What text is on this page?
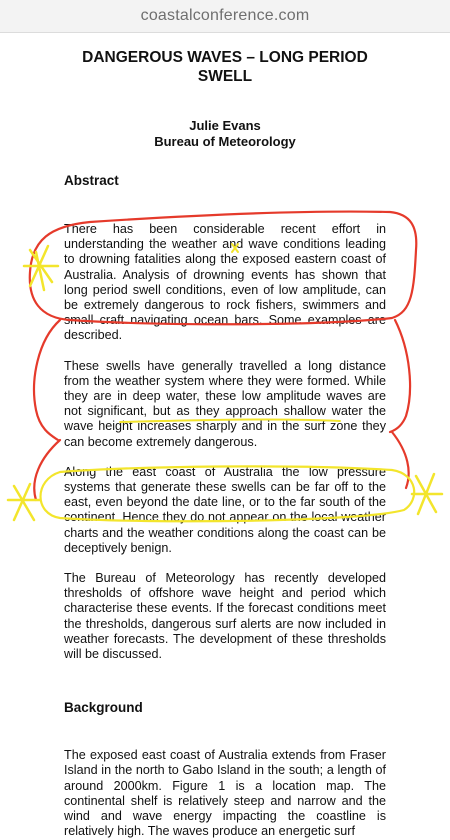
coastalconference.com
DANGEROUS WAVES – LONG PERIOD SWELL
Julie Evans
Bureau of Meteorology
Abstract
There has been considerable recent effort in understanding the weather and wave conditions leading to drowning fatalities along the exposed eastern coast of Australia. Analysis of drowning events has shown that long period swell conditions, even of low amplitude, can be extremely dangerous to rock fishers, swimmers and small craft navigating ocean bars. Some examples are described.
These swells have generally travelled a long distance from the weather system where they were formed. While they are in deep water, these low amplitude waves are not significant, but as they approach shallow water the wave height increases sharply and in the surf zone they can become extremely dangerous.
Along the east coast of Australia the low pressure systems that generate these swells can be far off to the east, even beyond the date line, or to the far south of the continent. Hence they do not appear on the local weather charts and the weather conditions along the coast can be deceptively benign.
The Bureau of Meteorology has recently developed thresholds of offshore wave height and period which characterise these events. If the forecast conditions meet the thresholds, dangerous surf alerts are now included in weather forecasts. The development of these thresholds will be discussed.
Background
The exposed east coast of Australia extends from Fraser Island in the north to Gabo Island in the south; a length of around 2000km. Figure 1 is a location map. The continental shelf is relatively steep and narrow and the wind and wave energy impacting the coastline is relatively high. The waves produce an energetic surf
